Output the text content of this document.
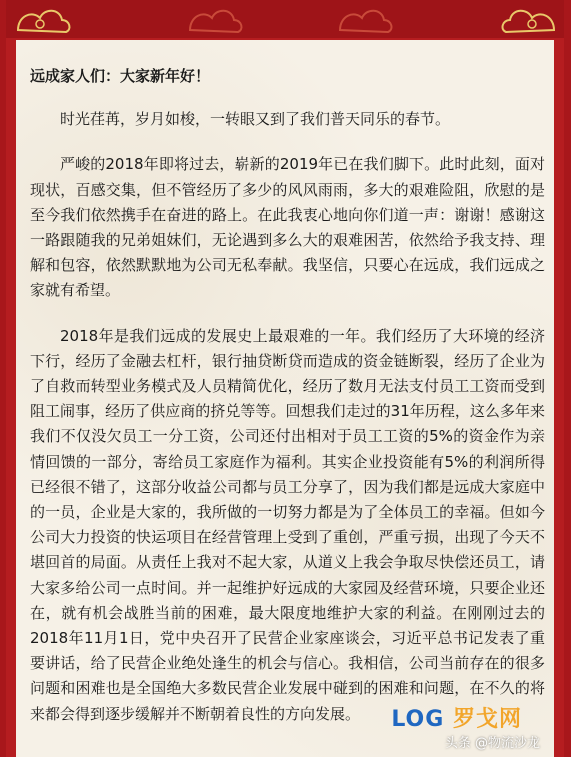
远成家人们：大家新年好！

时光荏苒，岁月如梭，一转眼又到了我们普天同乐的春节。

严峻的2018年即将过去，崭新的2019年已在我们脚下。此时此刻，面对现状，百感交集，但不管经历了多少的风风雨雨，多大的艰难险阻，欣慰的是至今我们依然携手在奋进的路上。在此我衷心地向你们道一声：谢谢！感谢这一路跟随我的兄弟姐妹们，无论遇到多么大的艰难困苦，依然给予我支持、理解和包容，依然默默地为公司无私奉献。我坚信，只要心在远成，我们远成之家就有希望。

2018年是我们远成的发展史上最艰难的一年。我们经历了大环境的经济下行，经历了金融去杠杆，银行抽贷断贷而造成的资金链断裂，经历了企业为了自救而转型业务模式及人员精简优化，经历了数月无法支付员工工资而受到阻工闹事，经历了供应商的挤兑等等。回想我们走过的31年历程，这么多年来我们不仅没欠员工一分工资，公司还付出相对于员工工资的5%的资金作为亲情回馈的一部分，寄给员工家庭作为福利。其实企业投资能有5%的利润所得已经很不错了，这部分收益公司都与员工分享了，因为我们都是远成大家庭中的一员，企业是大家的，我所做的一切努力都是为了全体员工的幸福。但如今公司大力投资的快运项目在经营管理上受到了重创，严重亏损，出现了今天不堪回首的局面。从责任上我对不起大家，从道义上我会争取尽快偿还员工，请大家多给公司一点时间。并一起维护好远成的大家园及经营环境，只要企业还在，就有机会战胜当前的困难，最大限度地维护大家的利益。在刚刚过去的2018年11月1日，党中央召开了民营企业家座谈会，习近平总书记发表了重要讲话，给了民营企业绝处逢生的机会与信心。我相信，公司当前存在的很多问题和困难也是全国绝大多数民营企业发展中碰到的困难和问题，在不久的将来都会得到逐步缓解并不断朝着良性的方向发展。	LOG 罗戈网
头条 @物流沙龙
